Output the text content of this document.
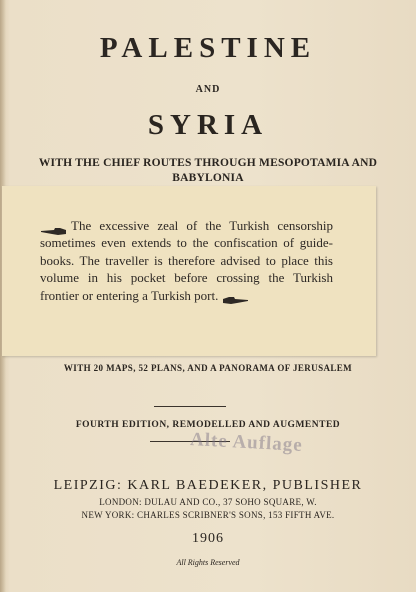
PALESTINE
AND
SYRIA
WITH THE CHIEF ROUTES THROUGH MESOPOTAMIA AND BABYLONIA
The excessive zeal of the Turkish censorship sometimes even extends to the confiscation of guide-books. The traveller is therefore advised to place this volume in his pocket before crossing the Turkish frontier or entering a Turkish port.
WITH 20 MAPS, 52 PLANS, AND A PANORAMA OF JERUSALEM
FOURTH EDITION, REMODELLED AND AUGMENTED
Alte Auflage
LEIPZIG: KARL BAEDEKER, PUBLISHER
LONDON: DULAU AND CO., 37 SOHO SQUARE, W.
NEW YORK: CHARLES SCRIBNER'S SONS, 153 FIFTH AVE.
1906
All Rights Reserved
